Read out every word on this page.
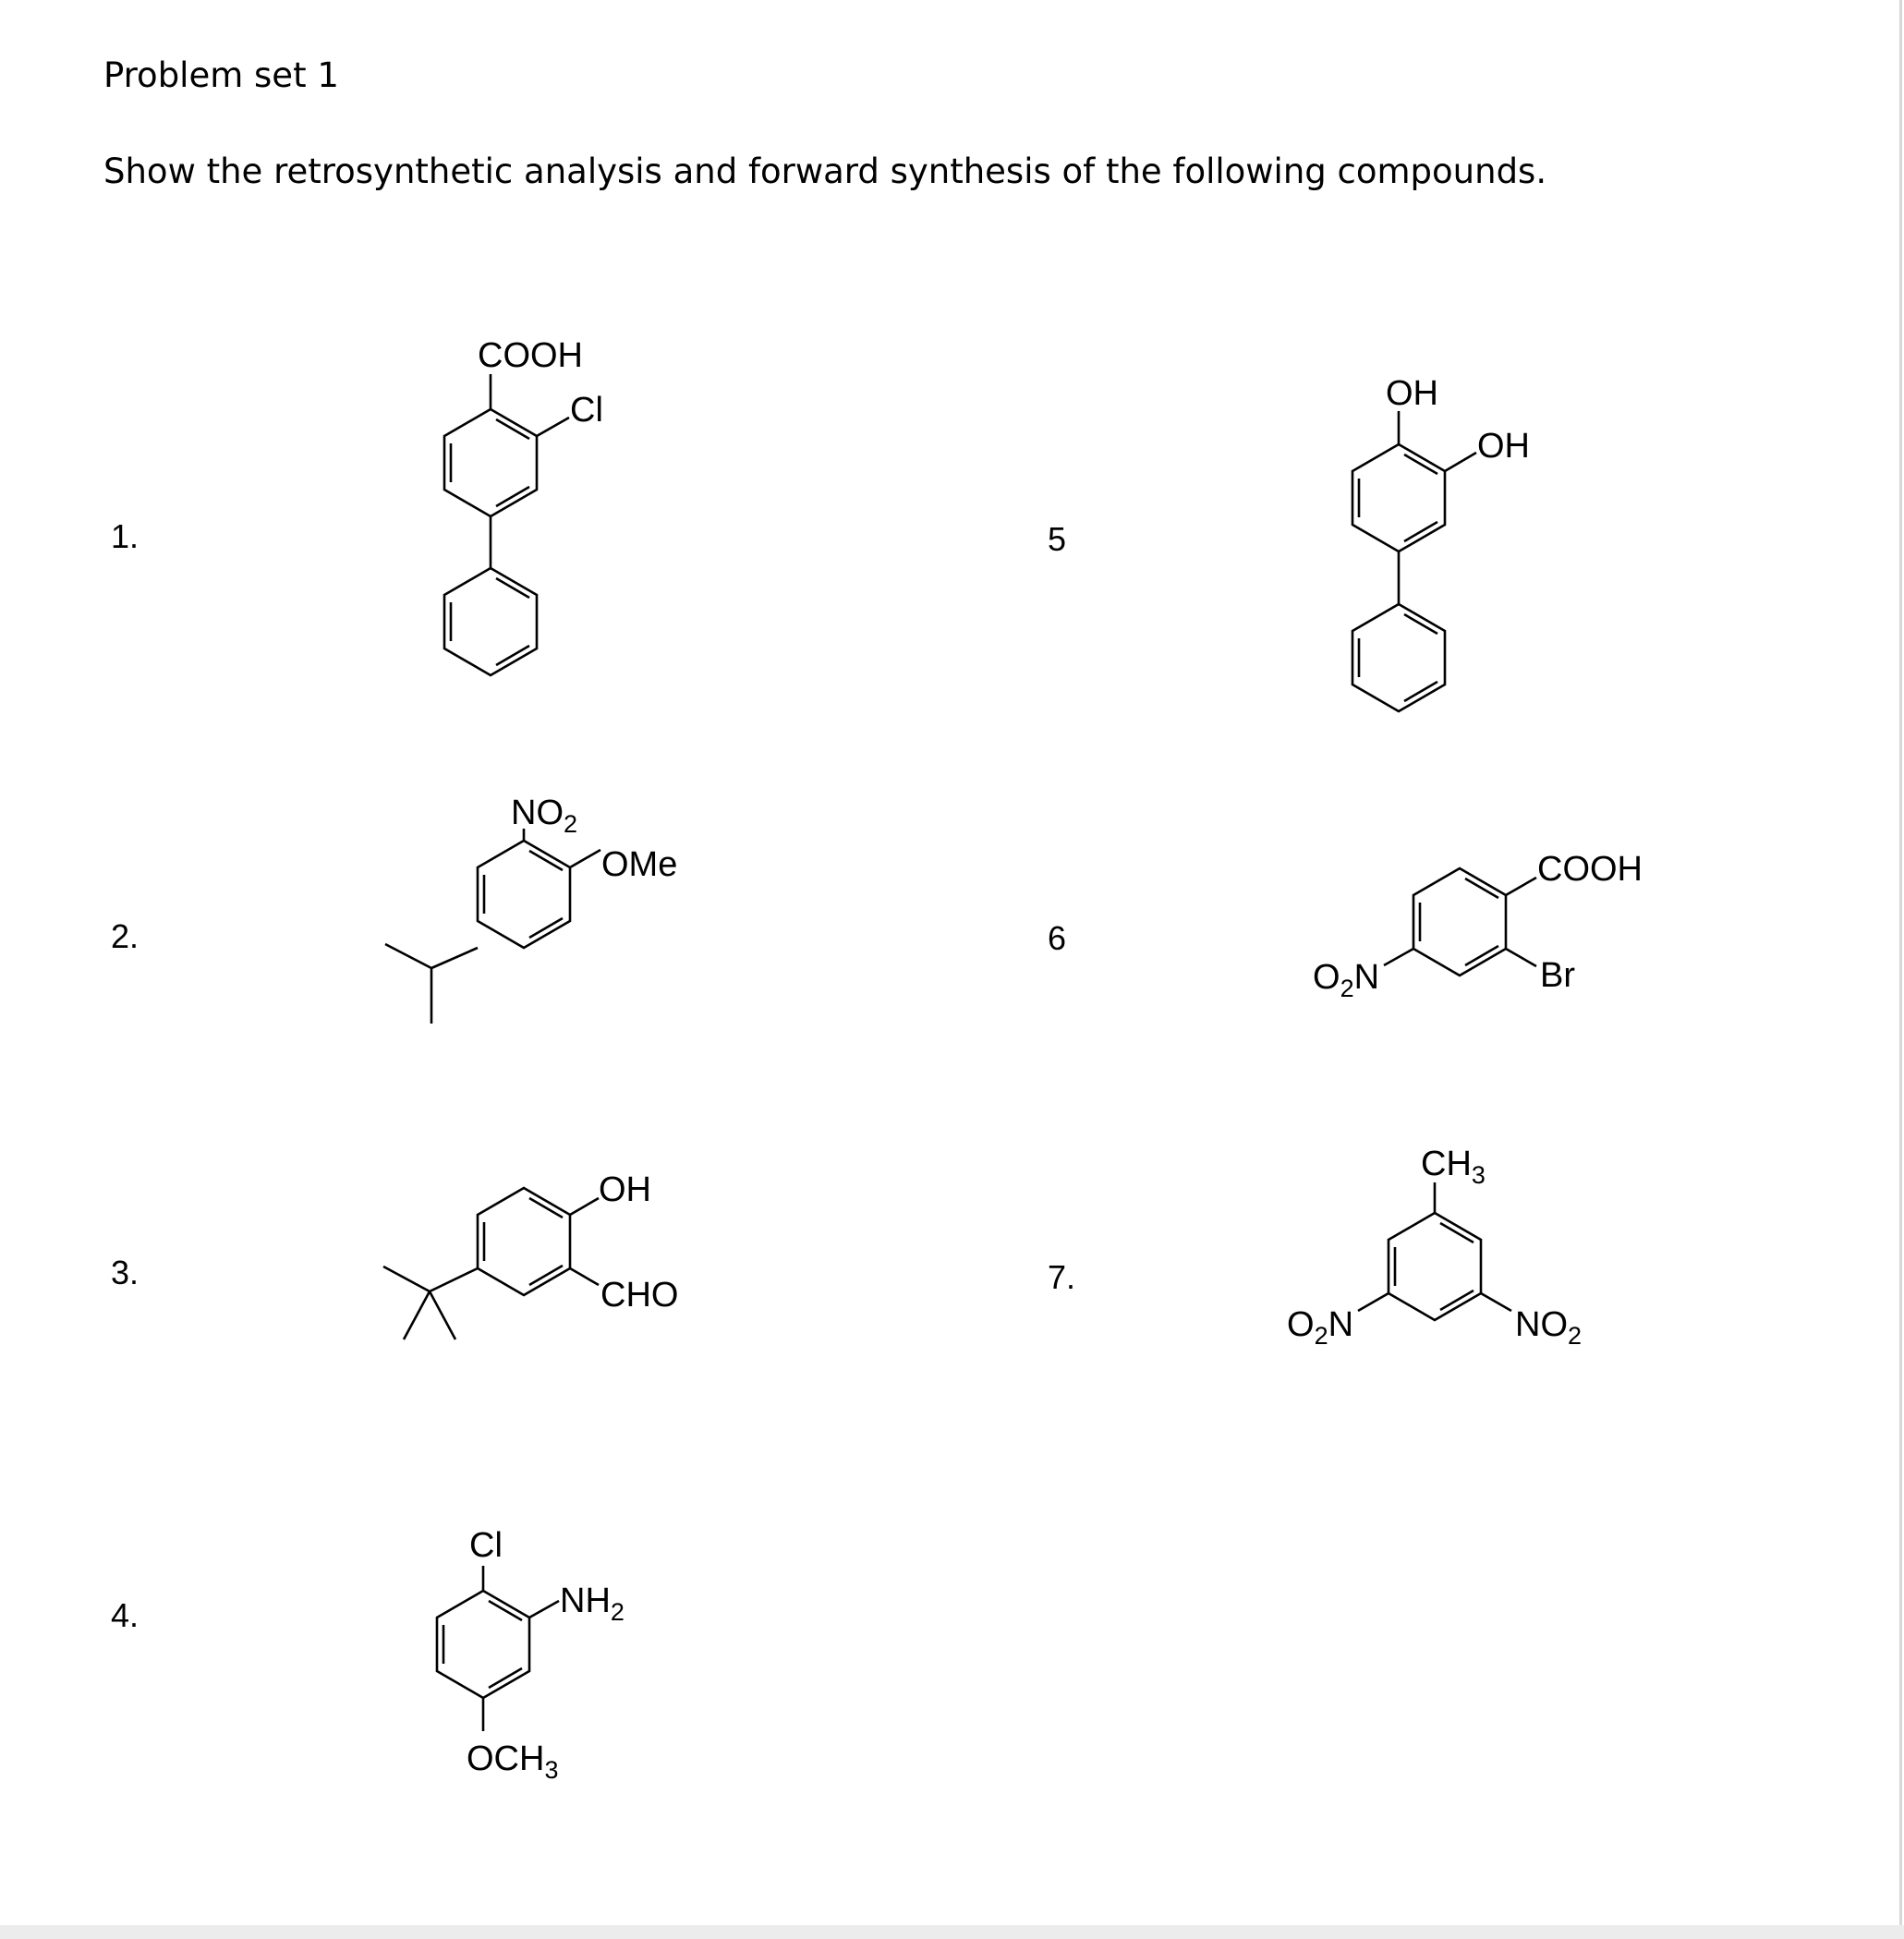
Problem set 1
Show the retrosynthetic analysis and forward synthesis of the following compounds.
1.
2.
3.
4.
5
6
7.
COOH
Cl
$NO_2$
OMe
OH
CHO
Cl
$NH_2$
$OCH_3$
OH
OH
COOH
Br
$O_2N$
$CH_3$
$O_2N$	$NO_2$
